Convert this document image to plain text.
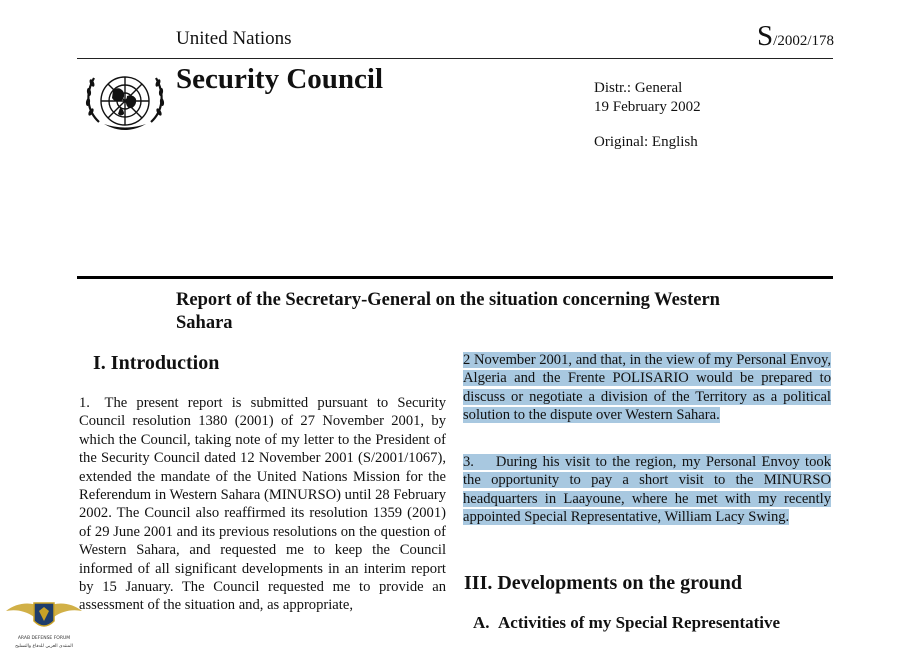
United Nations	S/2002/178
Security Council	Distr.: General
19 February 2002
Original: English
Report of the Secretary-General on the situation concerning Western Sahara
I. Introduction
1. The present report is submitted pursuant to Security Council resolution 1380 (2001) of 27 November 2001, by which the Council, taking note of my letter to the President of the Security Council dated 12 November 2001 (S/2001/1067), extended the mandate of the United Nations Mission for the Referendum in Western Sahara (MINURSO) until 28 February 2002. The Council also reaffirmed its resolution 1359 (2001) of 29 June 2001 and its previous resolutions on the question of Western Sahara, and requested me to keep the Council informed of all significant developments in an interim report by 15 January. The Council requested me to provide an assessment of the situation and, as appropriate,
2 November 2001, and that, in the view of my Personal Envoy, Algeria and the Frente POLISARIO would be prepared to discuss or negotiate a division of the Territory as a political solution to the dispute over Western Sahara.
3.  During his visit to the region, my Personal Envoy took the opportunity to pay a short visit to the MINURSO headquarters in Laayoune, where he met with my recently appointed Special Representative, William Lacy Swing.
III. Developments on the ground
A. Activities of my Special Representative
ARAB DEFENSE FORUM
المنتدى العربي للدفاع والتسليح
